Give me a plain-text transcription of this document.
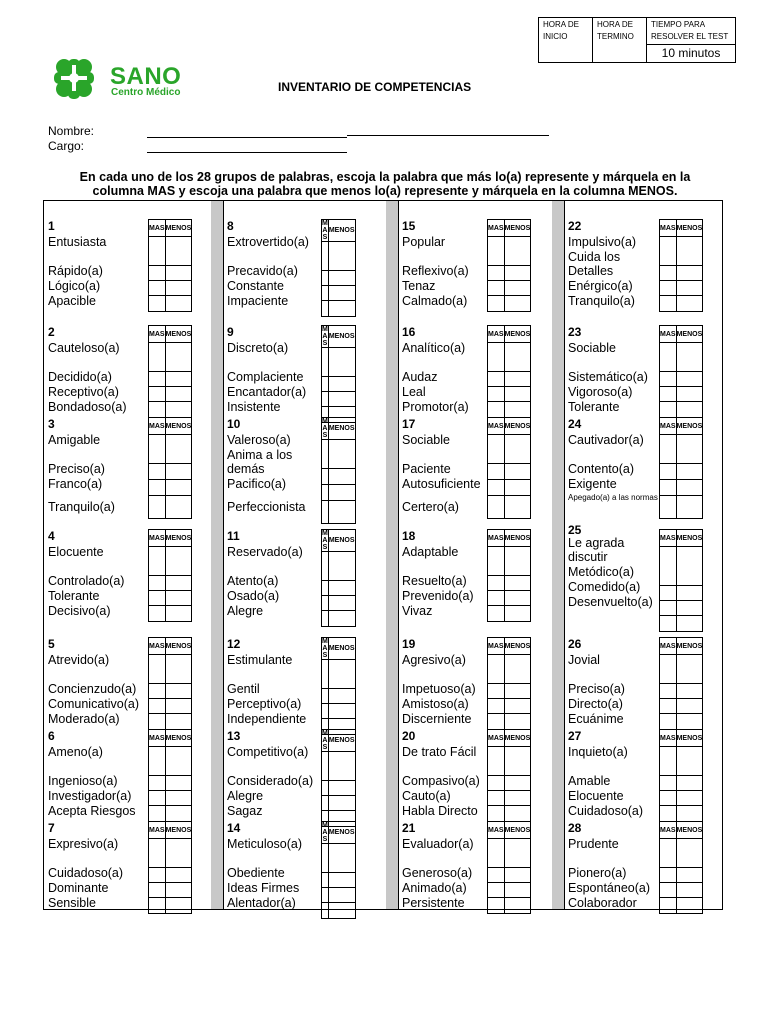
HORA DE INICIO	HORA DE TERMINO	TIEMPO PARA RESOLVER EL TEST
10 minutos
SANO
Centro Médico	INVENTARIO DE COMPETENCIAS
Nombre:
Cargo:
En cada uno de los 28 grupos de palabras, escoja la palabra que más lo(a) represente y márquela en la columna MAS y escoja una palabra que menos lo(a) represente y márquela en la columna MENOS.
1
Entusiasta
Rápido(a)
Lógico(a)
Apacible
MAS	MENOS

2
Cauteloso(a)
Decidido(a)
Receptivo(a)
Bondadoso(a)
MAS	MENOS

3
Amigable
Preciso(a)
Franco(a)
Tranquilo(a)
MAS	MENOS

4
Elocuente
Controlado(a)
Tolerante
Decisivo(a)
MAS	MENOS

5
Atrevido(a)
Concienzudo(a)
Comunicativo(a)
Moderado(a)
MAS	MENOS

6
Ameno(a)
Ingenioso(a)
Investigador(a)
Acepta Riesgos
MAS	MENOS

7
Expresivo(a)
Cuidadoso(a)
Dominante
Sensible
MAS	MENOS

8
Extrovertido(a)
Precavido(a)
Constante
Impaciente
MA S	MENOS

9
Discreto(a)
Complaciente
Encantador(a)
Insistente
MA S	MENOS

10
Valeroso(a)
Anima a los demás
Pacifico(a)
Perfeccionista
MA S	MENOS

11
Reservado(a)
Atento(a)
Osado(a)
Alegre
MA S	MENOS

12
Estimulante
Gentil
Perceptivo(a)
Independiente
MA S	MENOS

13
Competitivo(a)
Considerado(a)
Alegre
Sagaz
MA S	MENOS

14
Meticuloso(a)
Obediente
Ideas Firmes
Alentador(a)
MA S	MENOS

15
Popular
Reflexivo(a)
Tenaz
Calmado(a)
MAS	MENOS

16
Analítico(a)
Audaz
Leal
Promotor(a)
MAS	MENOS

17
Sociable
Paciente
Autosuficiente
Certero(a)
MAS	MENOS

18
Adaptable
Resuelto(a)
Prevenido(a)
Vivaz
MAS	MENOS

19
Agresivo(a)
Impetuoso(a)
Amistoso(a)
Discerniente
MAS	MENOS

20
De trato Fácil
Compasivo(a)
Cauto(a)
Habla Directo
MAS	MENOS

21
Evaluador(a)
Generoso(a)
Animado(a)
Persistente
MAS	MENOS

22
Impulsivo(a)
Cuida los Detalles
Enérgico(a)
Tranquilo(a)
MAS	MENOS

23
Sociable
Sistemático(a)
Vigoroso(a)
Tolerante
MAS	MENOS

24
Cautivador(a)
Contento(a)
Exigente
Apegado(a) a las normas
MAS	MENOS

25
Le agrada discutir
Metódico(a)
Comedido(a)
Desenvuelto(a)
MAS	MENOS

26
Jovial
Preciso(a)
Directo(a)
Ecuánime
MAS	MENOS

27
Inquieto(a)
Amable
Elocuente
Cuidadoso(a)
MAS	MENOS

28
Prudente
Pionero(a)
Espontáneo(a)
Colaborador
MAS	MENOS
